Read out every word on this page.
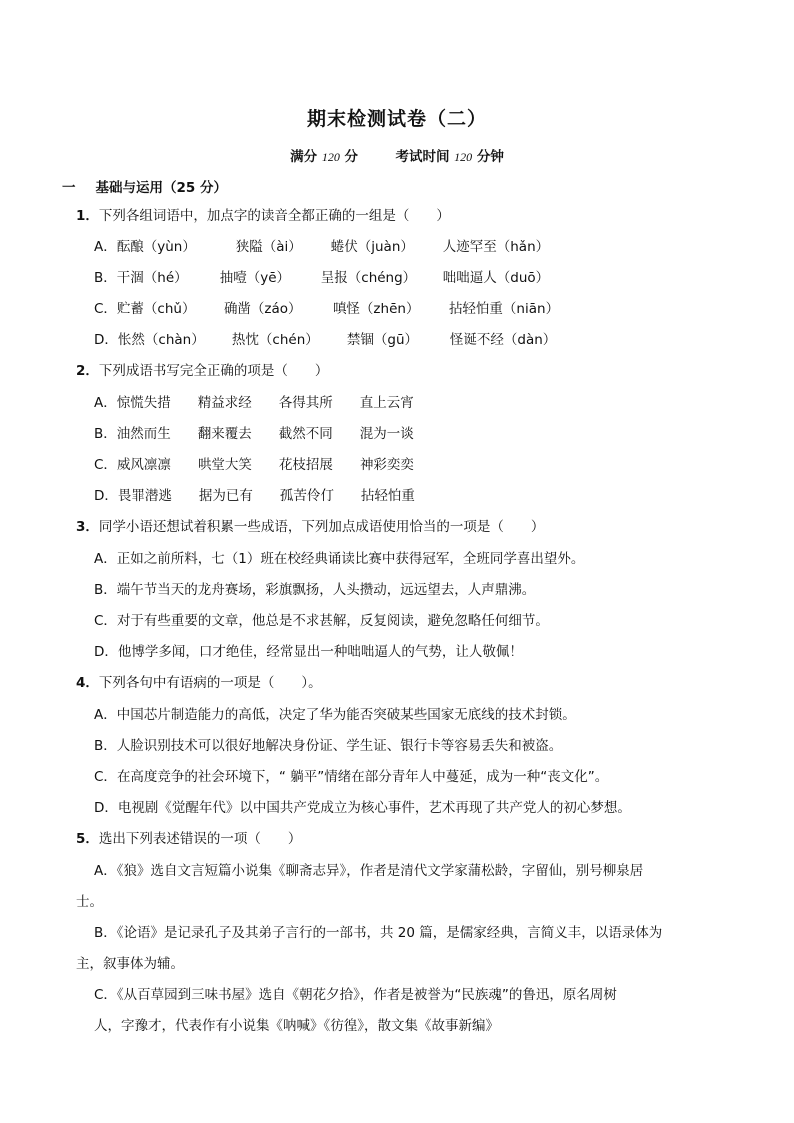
期末检测试卷（二）
满分 120 分	考试时间 120 分钟
一 基础与运用（25 分）
1．下列各组词语中，加点字的读音全都正确的一组是（　　）
A．酝酿（yùn）	狭隘（ài） 蜷伏（juàn） 人迹罕至（hǎn）
B．干涸（hé） 抽噎（yē） 呈报（chéng） 咄咄逼人（duō）
C．贮蓄（chǔ） 确凿（záo） 嗔怪（zhēn） 拈轻怕重（niān）
D．怅然（chàn） 热忱（chén） 禁锢（gū） 怪诞不经（dàn）
2．下列成语书写完全正确的项是（　　）
A．惊慌失措 精益求经 各得其所 直上云宵
B．油然而生 翻来覆去 截然不同 混为一谈
C．威风凛凛 哄堂大笑 花枝招展 神彩奕奕
D．畏罪潜逃 据为已有 孤苦伶仃 拈轻怕重
3．同学小语还想试着积累一些成语，下列加点成语使用恰当的一项是（　　）
A．正如之前所料，七（1）班在校经典诵读比赛中获得冠军，全班同学喜出望外。
B．端午节当天的龙舟赛场，彩旗飘扬，人头攒动，远远望去，人声鼎沸。
C．对于有些重要的文章，他总是不求甚解，反复阅读，避免忽略任何细节。
D．他博学多闻，口才绝佳，经常显出一种咄咄逼人的气势，让人敬佩！
4．下列各句中有语病的一项是（　　）。
A．中国芯片制造能力的高低，决定了华为能否突破某些国家无底线的技术封锁。
B．人脸识别技术可以很好地解决身份证、学生证、银行卡等容易丢失和被盗。
C．在高度竞争的社会环境下，“ 躺平”情绪在部分青年人中蔓延，成为一种“丧文化”。
D．电视剧《觉醒年代》以中国共产党成立为核心事件，艺术再现了共产党人的初心梦想。
5．选出下列表述错误的一项（　　）
A．《狼》选自文言短篇小说集《聊斋志异》，作者是清代文学家蒲松龄，字留仙，别号柳泉居
士。
B．《论语》是记录孔子及其弟子言行的一部书，共 20 篇，是儒家经典，言简义丰，以语录体为
主，叙事体为辅。
C．《从百草园到三味书屋》选自《朝花夕拾》，作者是被誉为“民族魂”的鲁迅，原名周树
人，字豫才，代表作有小说集《呐喊》《彷徨》，散文集《故事新编》
